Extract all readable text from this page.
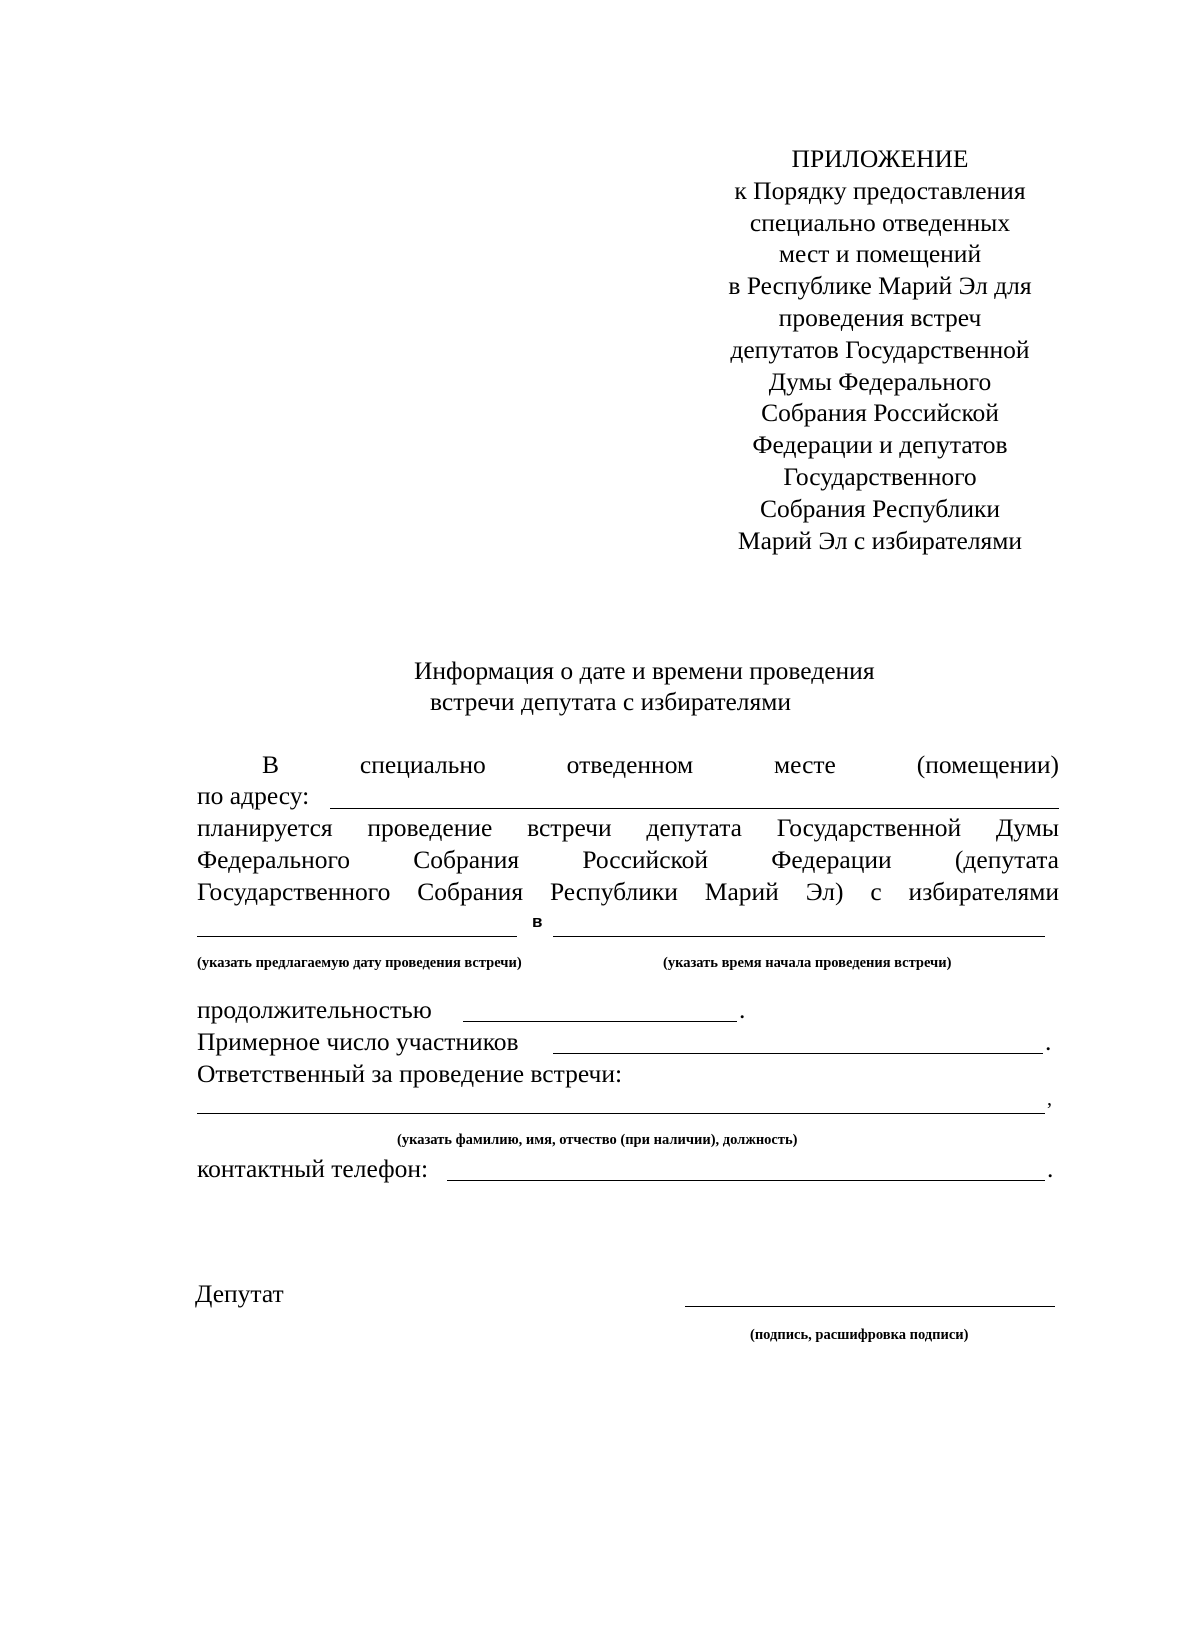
ПРИЛОЖЕНИЕ
к Порядку предоставления
специально отведенных
мест и помещений
в Республике Марий Эл для
проведения встреч
депутатов Государственной
Думы Федерального
Собрания Российской
Федерации и депутатов
Государственного
Собрания Республики
Марий Эл с избирателями
Информация о дате и времени проведения
встречи депутата с избирателями
В	специально	отведенном	месте	(помещении)
по адресу:
планируется проведение встречи депутата Государственной Думы
Федерального Собрания Российской Федерации (депутата
Государственного Собрания Республики Марий Эл) с избирателями
в
(указать предлагаемую дату проведения встречи)	(указать время начала проведения встречи)
продолжительностью	.
Примерное число участников	.
Ответственный за проведение встречи:
,
(указать фамилию, имя, отчество (при наличии), должность)
контактный телефон:	.
Депутат
(подпись, расшифровка подписи)
